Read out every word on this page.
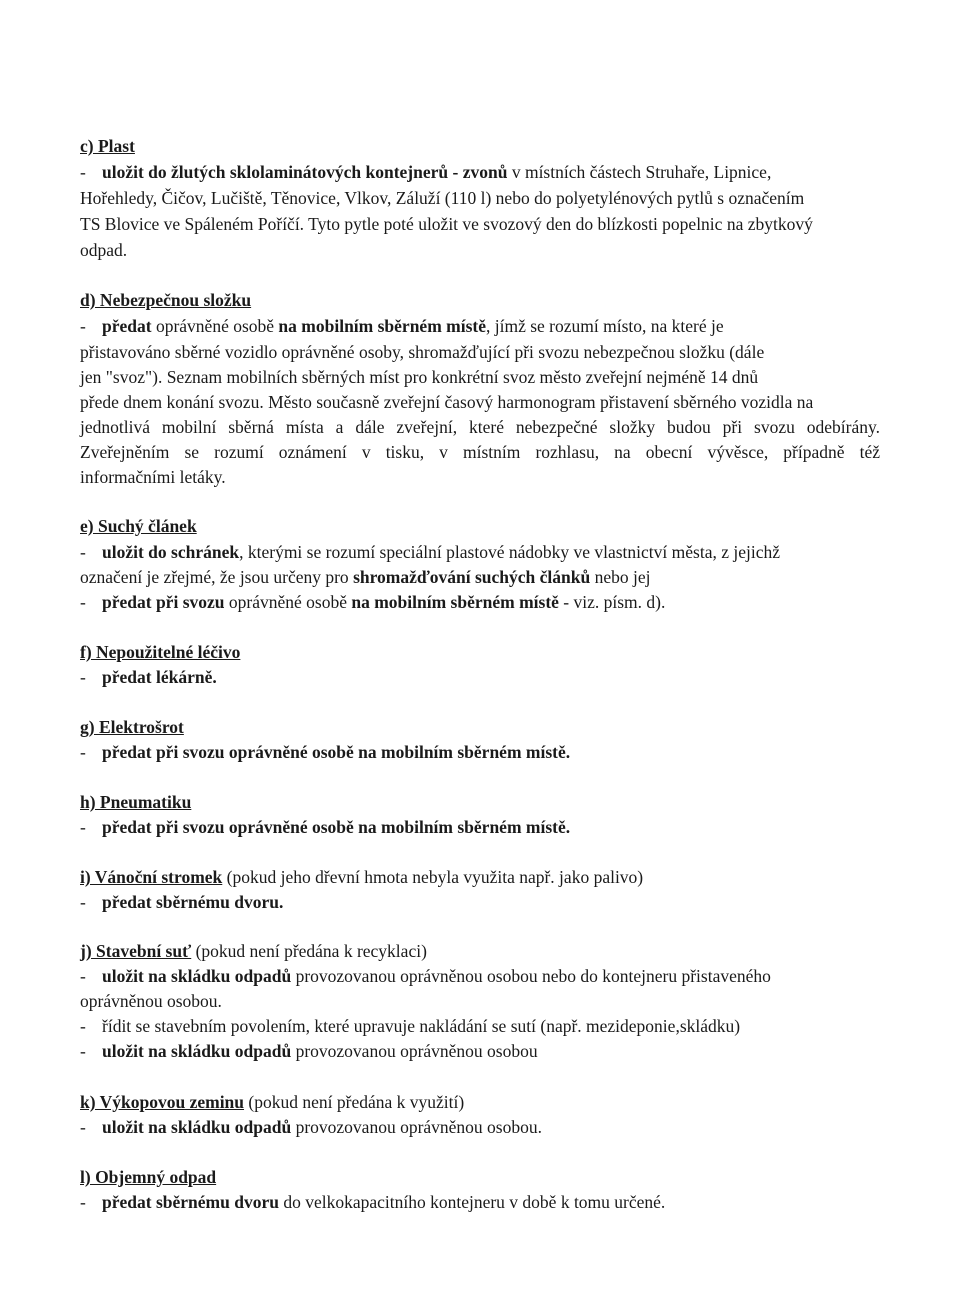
c) Plast
- uložit do žlutých sklolaminátových kontejnerů - zvonů v místních částech Struhaře, Lipnice,
Hořehledy, Čičov, Lučiště, Těnovice, Vlkov, Záluží (110 l) nebo do polyetylénových pytlů s označením
TS Blovice ve Spáleném Poříčí. Tyto pytle poté uložit ve svozový den do blízkosti popelnic na zbytkový
odpad.
d) Nebezpečnou složku
- předat oprávněné osobě na mobilním sběrném místě, jímž se rozumí místo, na které je
přistavováno sběrné vozidlo oprávněné osoby, shromažďující při svozu nebezpečnou složku (dále
jen "svoz"). Seznam mobilních sběrných míst pro konkrétní svoz město zveřejní nejméně 14 dnů
přede dnem konání svozu. Město současně zveřejní časový harmonogram přistavení sběrného vozidla na
jednotlivá mobilní sběrná místa a dále zveřejní, které nebezpečné složky budou při svozu odebírány.
Zveřejněním se rozumí oznámení v tisku, v místním rozhlasu, na obecní vývěsce, případně též
informačními letáky.
e) Suchý článek
- uložit do schránek, kterými se rozumí speciální plastové nádobky ve vlastnictví města, z jejichž
označení je zřejmé, že jsou určeny pro shromažďování suchých článků nebo jej
- předat při svozu oprávněné osobě na mobilním sběrném místě - viz. písm. d).
f) Nepoužitelné léčivo
- předat lékárně.
g) Elektrošrot
- předat při svozu oprávněné osobě na mobilním sběrném místě.
h) Pneumatiku
- předat při svozu oprávněné osobě na mobilním sběrném místě.
i) Vánoční stromek (pokud jeho dřevní hmota nebyla využita např. jako palivo)
- předat sběrnému dvoru.
j) Stavební suť (pokud není předána k recyklaci)
- uložit na skládku odpadů provozovanou oprávněnou osobou nebo do kontejneru přistaveného
oprávněnou osobou.
- řídit se stavebním povolením, které upravuje nakládání se sutí (např. mezideponie,skládku)
- uložit na skládku odpadů provozovanou oprávněnou osobou
k) Výkopovou zeminu (pokud není předána k využití)
- uložit na skládku odpadů provozovanou oprávněnou osobou.
l) Objemný odpad
- předat sběrnému dvoru do velkokapacitního kontejneru v době k tomu určené.
